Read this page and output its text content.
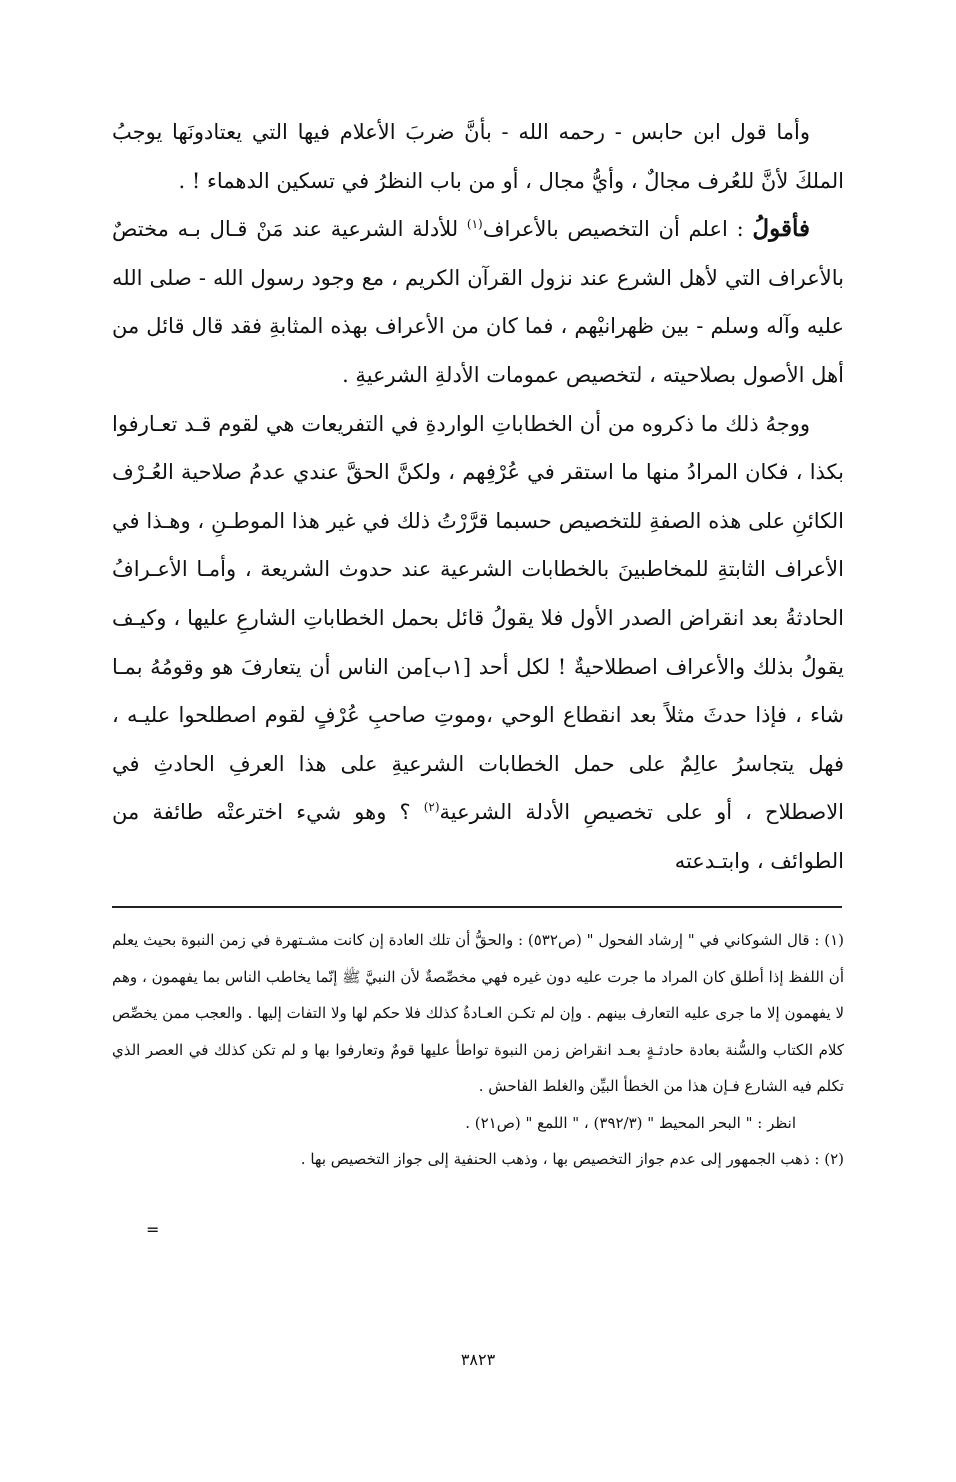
وأما قول ابن حابس - رحمه الله - بأنَّ ضربَ الأعلام فيها التي يعتادونَها يوجبُ الملكَ لأنَّ للعُرف مجالٌ ، وأيُّ مجال ، أو من باب النظرُ في تسكين الدهماء ! .

فأقولُ : اعلم أن التخصيص بالأعراف$^{(١)}$ للأدلة الشرعية عند مَنْ قـال بـه مختصٌ بالأعراف التي لأهل الشرع عند نزول القرآن الكريم ، مع وجود رسول الله - صلى الله عليه وآله وسلم - بين ظهرانيْهم ، فما كان من الأعراف بهذه المثابةِ فقد قال قائل من أهل الأصول بصلاحيته ، لتخصيص عمومات الأدلةِ الشرعيةِ .

ووجهُ ذلك ما ذكروه من أن الخطاباتِ الواردةِ في التفريعات هي لقوم قـد تعـارفوا بكذا ، فكان المرادُ منها ما استقر في عُرْفِهم ، ولكنَّ الحقَّ عندي عدمُ صلاحية العُـرْف الكائنِ على هذه الصفةِ للتخصيص حسبما قرَّرْتُ ذلك في غير هذا الموطـنِ ، وهـذا في الأعراف الثابتةِ للمخاطبينَ بالخطابات الشرعية عند حدوث الشريعة ، وأمـا الأعـرافُ الحادثةُ بعد انقراض الصدر الأول فلا يقولُ قائل بحمل الخطاباتِ الشارعِ عليها ، وكيـف يقولُ بذلك والأعراف اصطلاحيةٌ ! لكل أحد [١ب]من الناس أن يتعارفَ هو وقومُهُ بمـا شاء ، فإذا حدثَ مثلاً بعد انقطاع الوحي ،وموتِ صاحبِ عُرْفٍ لقوم اصطلحوا عليـه ، فهل يتجاسرُ عالِمٌ على حمل الخطابات الشرعيةِ على هذا العرفِ الحادثِ في الاصطلاح ، أو على تخصيصِ الأدلة الشرعية$^{(٢)}$ ؟ وهو شيء اخترعتْه طائفة من الطوائف ، وابتـدعته

(١) : قال الشوكاني في " إرشاد الفحول " (ص٥٣٢) : والحقُّ أن تلك العادة إن كانت مشـتهرة في زمن النبوة بحيث يعلم أن اللفظ إذا أطلق كان المراد ما جرت عليه دون غيره فهي مخصِّصةٌ لأن النبيَّ ﷺ إنّما يخاطب الناس بما يفهمون ، وهم لا يفهمون إلا ما جرى عليه التعارف بينهم . وإن لم تكـن العـادةُ كذلك فلا حكم لها ولا التفات إليها . والعجب ممن يخصِّص كلام الكتاب والسُّنة بعادة حادثـةٍ بعـد انقراض زمن النبوة تواطأ عليها قومٌ وتعارفوا بها و لم تكن كذلك في العصر الذي تكلم فيه الشارع فـإن هذا من الخطأ البيِّن والغلط الفاحش .

انظر : " البحر المحيط " (٣٩٢/٣) ، " اللمع " (ص٢١) .

(٢) : ذهب الجمهور إلى عدم جواز التخصيص بها ، وذهب الحنفية إلى جواز التخصيص بها .

=
٣٨٢٣
